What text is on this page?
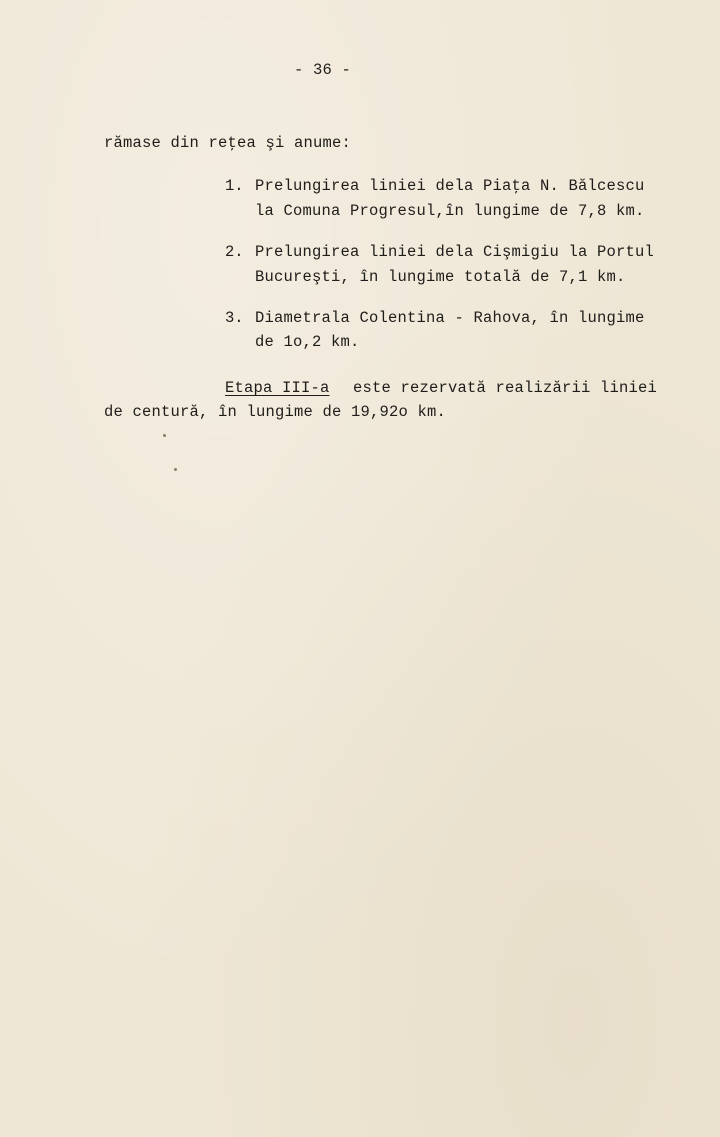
- 36 -
rămase din reţea şi anume:
1. Prelungirea liniei dela Piaţa N. Bălcescu
la Comuna Progresul,în lungime de 7,8 km.
2. Prelungirea liniei dela Cişmigiu la Portul
Bucureşti, în lungime totală de 7,1 km.
3. Diametrala Colentina - Rahova, în lungime
de 1o,2 km.
Etapa III-a este rezervată realizării liniei
de centură, în lungime de 19,92o km.
